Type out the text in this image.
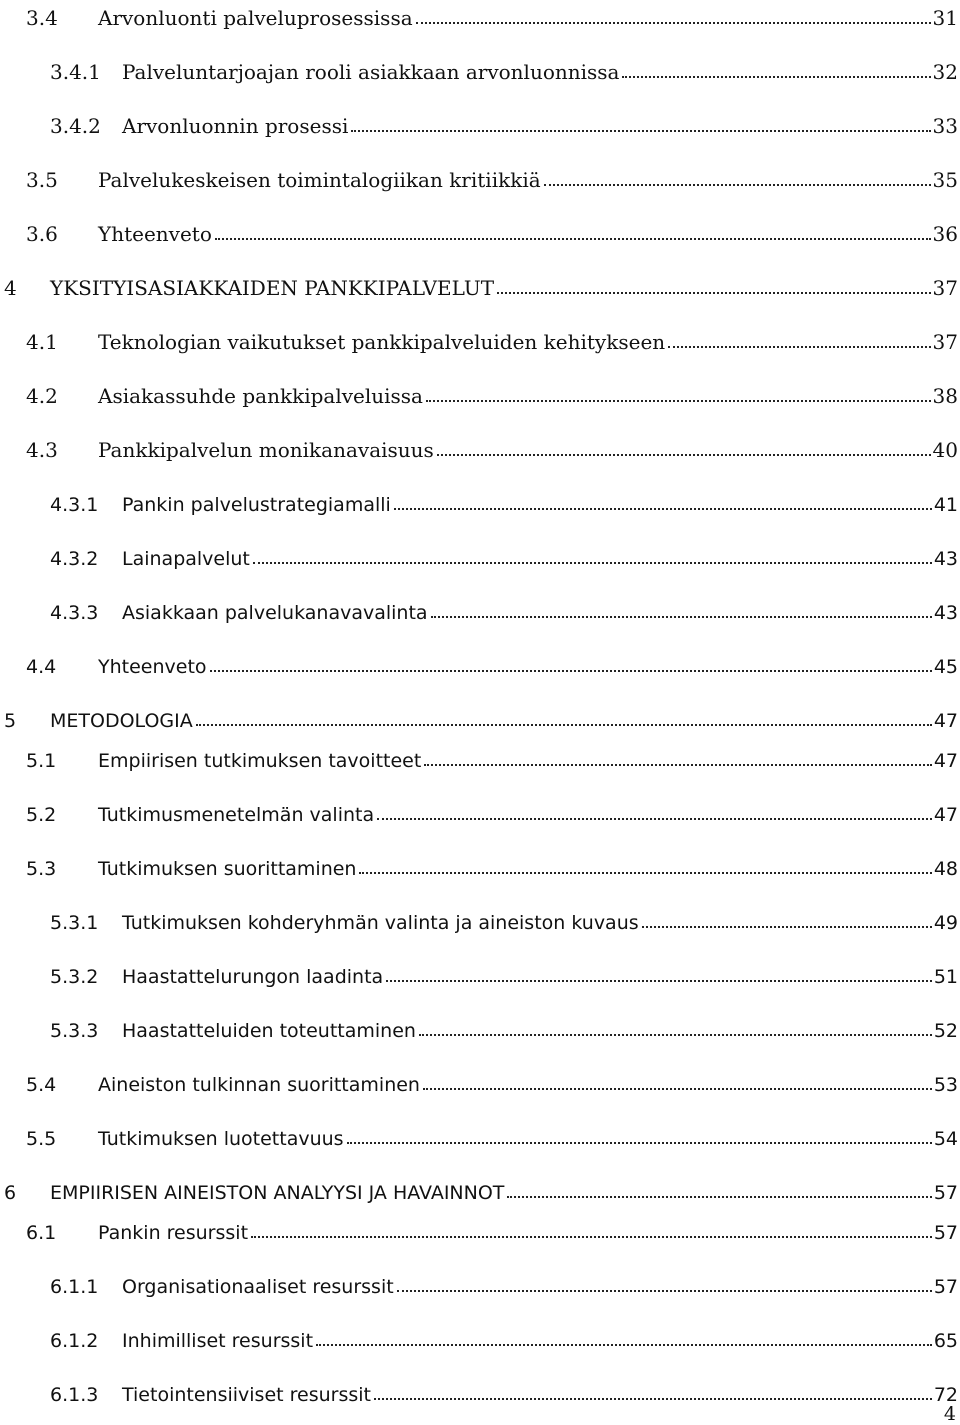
3.4 Arvonluonti palveluprosessissa	31
3.4.1 Palveluntarjoajan rooli asiakkaan arvonluonnissa	32
3.4.2 Arvonluonnin prosessi	33
3.5 Palvelukeskeisen toimintalogiikan kritiikkiä	35
3.6 Yhteenveto	36
4 YKSITYISASIAKKAIDEN PANKKIPALVELUT	37
4.1 Teknologian vaikutukset pankkipalveluiden kehitykseen	37
4.2 Asiakassuhde pankkipalveluissa	38
4.3 Pankkipalvelun monikanavaisuus	40
4.3.1 Pankin palvelustrategiamalli	41
4.3.2 Lainapalvelut	43
4.3.3 Asiakkaan palvelukanavavalinta	43
4.4 Yhteenveto	45
5 METODOLOGIA	47
5.1 Empiirisen tutkimuksen tavoitteet	47
5.2 Tutkimusmenetelmän valinta	47
5.3 Tutkimuksen suorittaminen	48
5.3.1 Tutkimuksen kohderyhmän valinta ja aineiston kuvaus	49
5.3.2 Haastattelurungon laadinta	51
5.3.3 Haastatteluiden toteuttaminen	52
5.4 Aineiston tulkinnan suorittaminen	53
5.5 Tutkimuksen luotettavuus	54
6 EMPIIRISEN AINEISTON ANALYYSI JA HAVAINNOT	57
6.1 Pankin resurssit	57
6.1.1 Organisationaaliset resurssit	57
6.1.2 Inhimilliset resurssit	65
6.1.3 Tietointensiiviset resurssit	72
4
